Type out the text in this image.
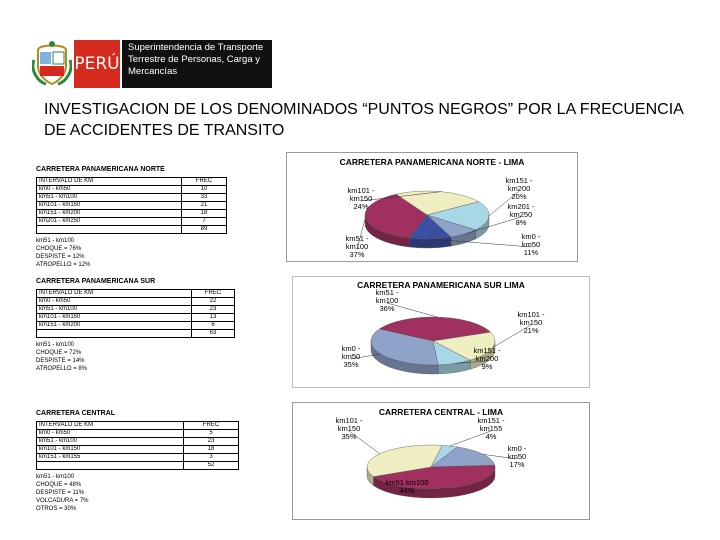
PERÚ
Superintendencia de Transporte
Terrestre de Personas, Carga y
Mercancías
INVESTIGACION DE LOS DENOMINADOS “PUNTOS NEGROS” POR LA FRECUENCIA DE ACCIDENTES DE TRANSITO
CARRETERA PANAMERICANA NORTE
INTERVALO DE KM	FREC
km0 - km50	10
km51 - km100	33
km101 - km150	21
km151 - km200	18
km201 - km250	7
	89
km51 - km100
CHOQUE = 76%
DESPISTE = 12%
ATROPELLO = 12%
CARRETERA PANAMERICANA SUR
INTERVALO DE KM	FREC
km0 - km50	22
km51 - km100	23
km101 - km150	13
km151 - km200	6
	63
km51 - km100
CHOQUE = 72%
DESPISTE = 14%
ATROPELLO = 8%
CARRETERA CENTRAL
INTERVALO DE KM	FREC
km0 - km50	5
km51 - km100	23
km101 - km150	18
km151 - km155	3
	52
km51 - km100
CHOQUE = 48%
DESPISTE = 11%
VOLCADURA = 7%
OTROS = 30%
CARRETERA PANAMERICANA NORTE - LIMA
km101 -km150 24%
km151 -km200 20%
km201 -km250 8%
km0 -km50 11%
km51 -km100 37%
CARRETERA PANAMERICANA SUR LIMA
km51 -km100 36%
km101 -km150 21%
km151 -km200 9%
km0 -km50 35%
CARRETERA CENTRAL - LIMA
km151 -km155 4%
km0 -km50 17%
km51 km100 44%
km101 -km150 35%
